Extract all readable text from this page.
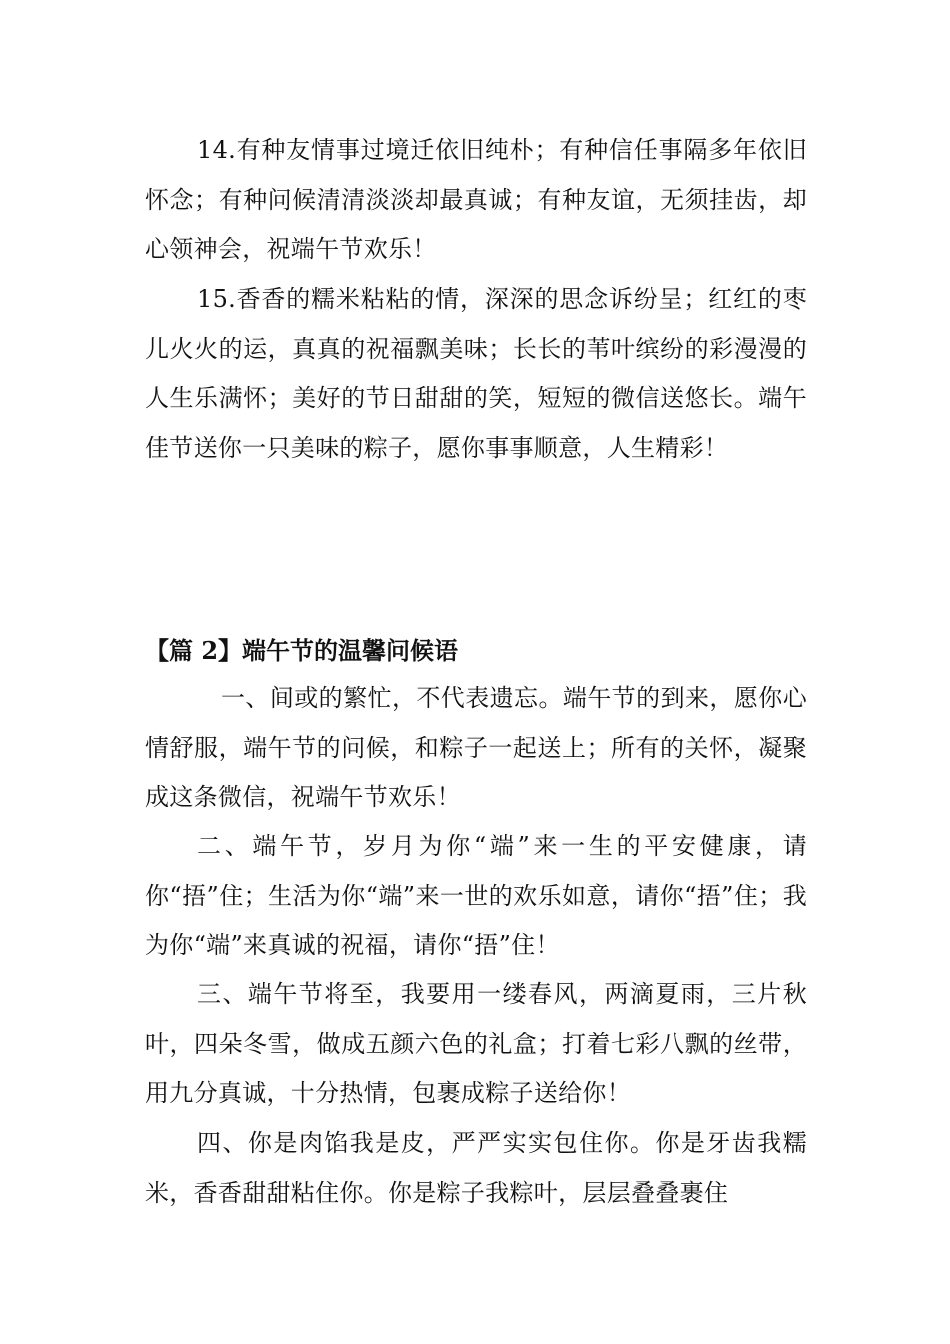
14.有种友情事过境迁依旧纯朴；有种信任事隔多年依旧怀念；有种问候清清淡淡却最真诚；有种友谊，无须挂齿，却心领神会，祝端午节欢乐！

15.香香的糯米粘粘的情，深深的思念诉纷呈；红红的枣儿火火的运，真真的祝福飘美味；长长的苇叶缤纷的彩漫漫的人生乐满怀；美好的节日甜甜的笑，短短的微信送悠长。端午佳节送你一只美味的粽子，愿你事事顺意，人生精彩！

【篇 2】端午节的温馨问候语

一、间或的繁忙，不代表遗忘。端午节的到来，愿你心情舒服，端午节的问候，和粽子一起送上；所有的关怀，凝聚成这条微信，祝端午节欢乐！

二、端午节，岁月为你“端”来一生的平安健康，请你“捂”住；生活为你“端”来一世的欢乐如意，请你“捂”住；我为你“端”来真诚的祝福，请你“捂”住！

三、端午节将至，我要用一缕春风，两滴夏雨，三片秋叶，四朵冬雪，做成五颜六色的礼盒；打着七彩八飘的丝带，用九分真诚，十分热情，包裹成粽子送给你！

四、你是肉馅我是皮，严严实实包住你。你是牙齿我糯米，香香甜甜粘住你。你是粽子我粽叶，层层叠叠裹住
